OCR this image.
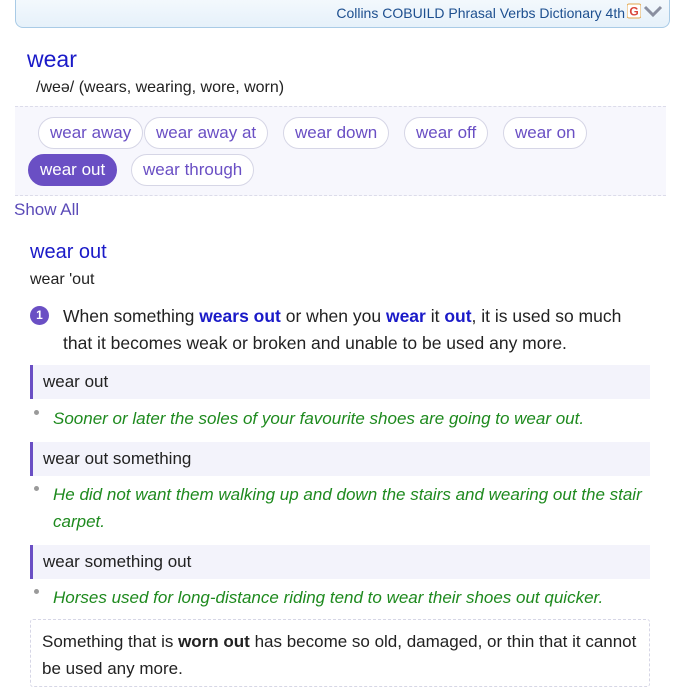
Collins COBUILD Phrasal Verbs Dictionary 4th G
wear
/weə/ (wears, wearing, wore, worn)
wear away	wear away at	wear down	wear off	wear on
wear out	wear through
Show All
wear out
wear 'out
1	When something wears out or when you wear it out, it is used so much that it becomes weak or broken and unable to be used any more.
wear out
Sooner or later the soles of your favourite shoes are going to wear out.
wear out something
He did not want them walking up and down the stairs and wearing out the stair carpet.
wear something out
Horses used for long-distance riding tend to wear their shoes out quicker.
Something that is worn out has become so old, damaged, or thin that it cannot be used any more.
